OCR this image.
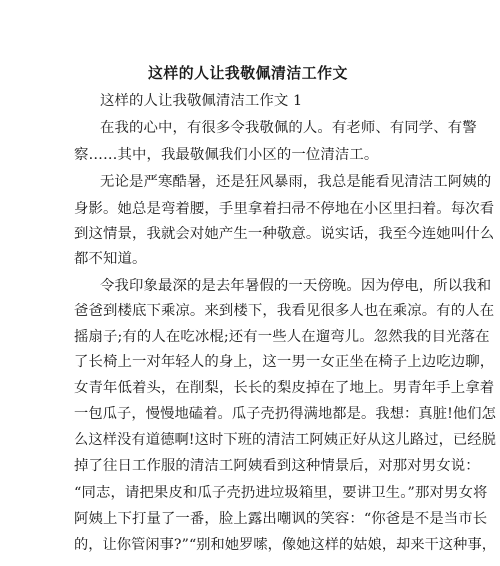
这样的人让我敬佩清洁工作文
这样的人让我敬佩清洁工作文 1
在我的心中，有很多令我敬佩的人。有老师、有同学、有警
察……其中，我最敬佩我们小区的一位清洁工。
无论是严寒酷暑，还是狂风暴雨，我总是能看见清洁工阿姨的
身影。她总是弯着腰，手里拿着扫帚不停地在小区里扫着。每次看
到这情景，我就会对她产生一种敬意。说实话，我至今连她叫什么
都不知道。
令我印象最深的是去年暑假的一天傍晚。因为停电，所以我和
爸爸到楼底下乘凉。来到楼下，我看见很多人也在乘凉。有的人在
摇扇子;有的人在吃冰棍;还有一些人在遛弯儿。忽然我的目光落在
了长椅上一对年轻人的身上，这一男一女正坐在椅子上边吃边聊，
女青年低着头，在削梨，长长的梨皮掉在了地上。男青年手上拿着
一包瓜子，慢慢地磕着。瓜子壳扔得满地都是。我想：真脏!他们怎
么这样没有道德啊!这时下班的清洁工阿姨正好从这儿路过，已经脱
掉了往日工作服的清洁工阿姨看到这种情景后，对那对男女说：
“同志，请把果皮和瓜子壳扔进垃圾箱里，要讲卫生。”那对男女将
阿姨上下打量了一番，脸上露出嘲讽的笑容：“你爸是不是当市长
的，让你管闲事?”“别和她罗嗦，像她这样的姑娘，却来干这种事，
